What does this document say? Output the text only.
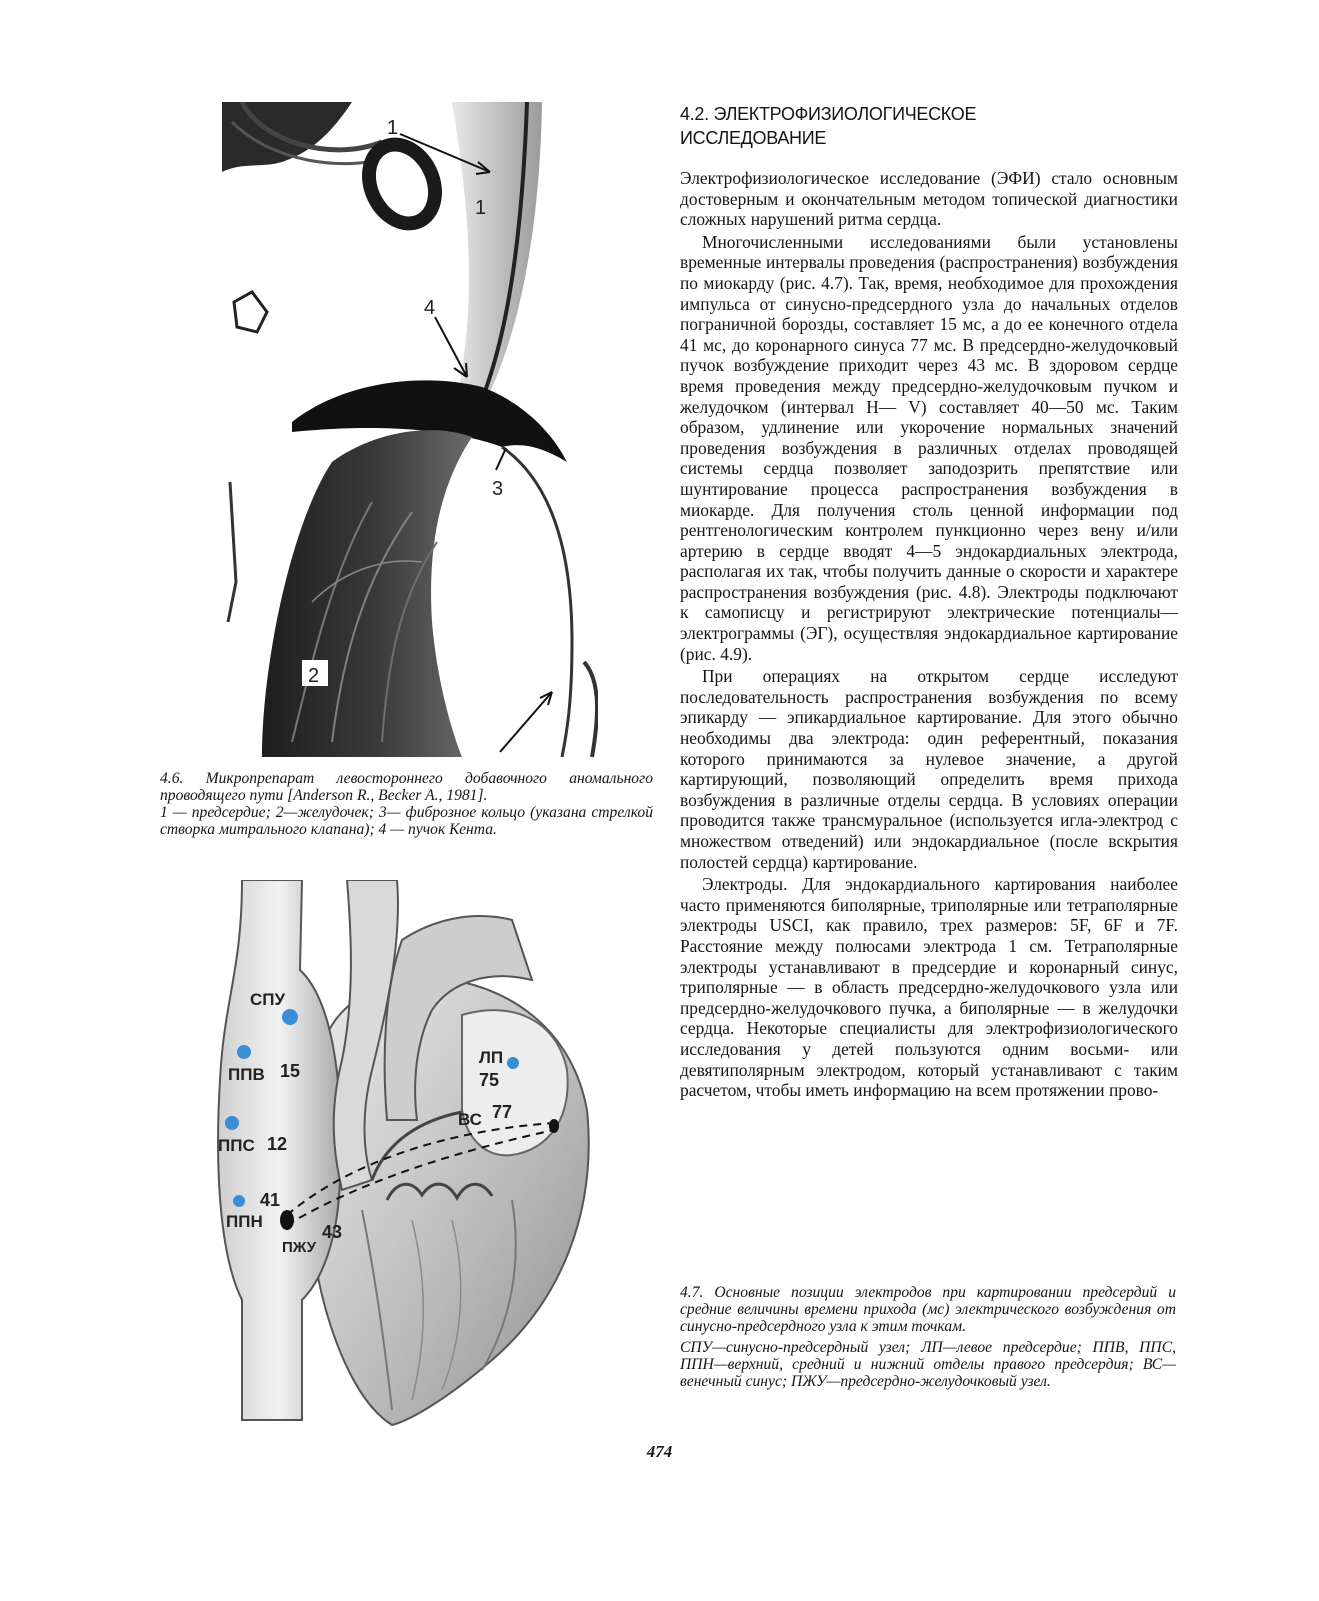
1
1
4
3
2

4.6. Микропрепарат левостороннего добавочного аномального проводящего пути [Anderson R., Becker A., 1981].

1 — предсердие; 2—желудочек; 3— фиброзное кольцо (указана стрелкой створка митрального клапана); 4 — пучок Кента.

СПУ
ППВ 15
ППС 12
41
ППН
ПЖУ
43
ЛП
75
ВС 77
4.2. ЭЛЕКТРОФИЗИОЛОГИЧЕСКОЕ
ИССЛЕДОВАНИЕ

Электрофизиологическое исследование (ЭФИ) стало основным достоверным и окончательным методом топической диагностики сложных нарушений ритма сердца.

Многочисленными исследованиями были установлены временные интервалы проведения (распространения) возбуждения по миокарду (рис. 4.7). Так, время, необходимое для прохождения импульса от синусно-предсердного узла до начальных отделов пограничной борозды, составляет 15 мс, а до ее конечного отдела 41 мс, до коронарного синуса 77 мс. В предсердно-желудочковый пучок возбуждение приходит через 43 мс. В здоровом сердце время проведения между предсердно-желудочковым пучком и желудочком (интервал H— V) составляет 40—50 мс. Таким образом, удлинение или укорочение нормальных значений проведения возбуждения в различных отделах проводящей системы сердца позволяет заподозрить препятствие или шунтирование процесса распространения возбуждения в миокарде. Для получения столь ценной информации под рентгенологическим контролем пункционно через вену и/или артерию в сердце вводят 4—5 эндокардиальных электрода, располагая их так, чтобы получить данные о скорости и характере распространения возбуждения (рис. 4.8). Электроды подключают к самописцу и регистрируют электрические потенциалы—электрограммы (ЭГ), осуществляя эндокардиальное картирование (рис. 4.9).

При операциях на открытом сердце исследуют последовательность распространения возбуждения по всему эпикарду — эпикардиальное картирование. Для этого обычно необходимы два электрода: один референтный, показания которого принимаются за нулевое значение, а другой картирующий, позволяющий определить время прихода возбуждения в различные отделы сердца. В условиях операции проводится также трансмуральное (используется игла-электрод с множеством отведений) или эндокардиальное (после вскрытия полостей сердца) картирование.

Электроды. Для эндокардиального картирования наиболее часто применяются биполярные, триполярные или тетраполярные электроды USCI, как правило, трех размеров: 5F, 6F и 7F. Расстояние между полюсами электрода 1 см. Тетраполярные электроды устанавливают в предсердие и коронарный синус, триполярные — в область предсердно-желудочкового узла или предсердно-желудочкового пучка, а биполярные — в желудочки сердца. Некоторые специалисты для электрофизиологического исследования у детей пользуются одним восьми- или девятиполярным электродом, который устанавливают с таким расчетом, чтобы иметь информацию на всем протяжении прово-

4.7. Основные позиции электродов при картировании предсердий и средние величины времени прихода (мс) электрического возбуждения от синусно-предсердного узла к этим точкам.

СПУ—синусно-предсердный узел; ЛП—левое предсердие; ППВ, ППС, ППН—верхний, средний и нижний отделы правого предсердия; ВС—венечный синус; ПЖУ—предсердно-желудочковый узел.

474
